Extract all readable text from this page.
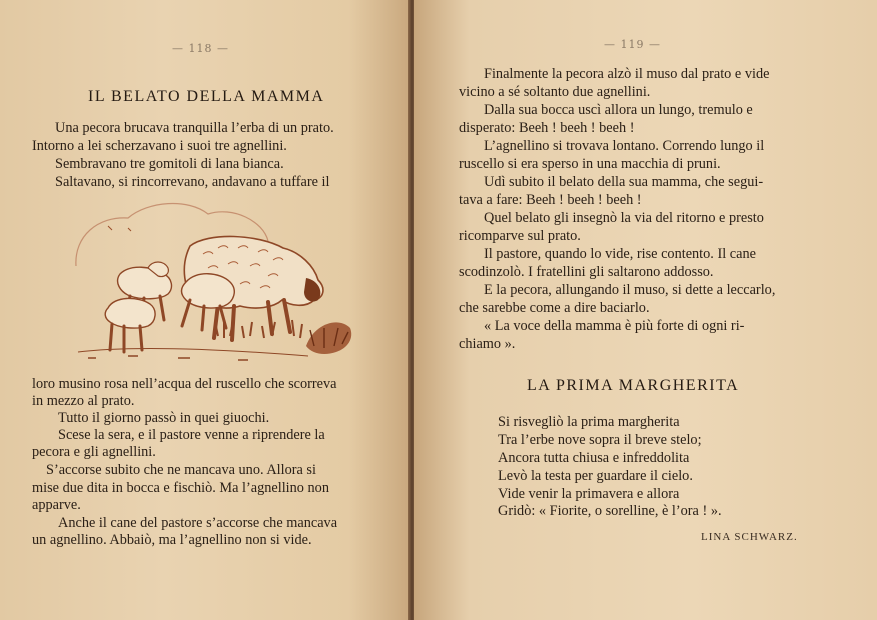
— 118 —
IL BELATO DELLA MAMMA
Una pecora brucava tranquilla l’erba di un prato.
Intorno a lei scherzavano i suoi tre agnellini.
Sembravano tre gomitoli di lana bianca.
Saltavano, si rincorrevano, andavano a tuffare il
loro musino rosa nell’acqua del ruscello che scorreva
in mezzo al prato.
Tutto il giorno passò in quei giuochi.
Scese la sera, e il pastore venne a riprendere la
pecora e gli agnellini.
S’accorse subito che ne mancava uno. Allora si
mise due dita in bocca e fischiò. Ma l’agnellino non
apparve.
Anche il cane del pastore s’accorse che mancava
un agnellino. Abbaiò, ma l’agnellino non si vide.
— 119 —
Finalmente la pecora alzò il muso dal prato e vide
vicino a sé soltanto due agnellini.
Dalla sua bocca uscì allora un lungo, tremulo e
disperato: Beeh ! beeh ! beeh !
L’agnellino si trovava lontano. Correndo lungo il
ruscello si era sperso in una macchia di pruni.
Udì subito il belato della sua mamma, che segui-
tava a fare: Beeh ! beeh ! beeh !
Quel belato gli insegnò la via del ritorno e presto
ricomparve sul prato.
Il pastore, quando lo vide, rise contento. Il cane
scodinzolò. I fratellini gli saltarono addosso.
E la pecora, allungando il muso, si dette a leccarlo,
che sarebbe come a dire baciarlo.
« La voce della mamma è più forte di ogni ri-
chiamo ».
LA PRIMA MARGHERITA
Si risvegliò la prima margherita
Tra l’erbe nove sopra il breve stelo;
Ancora tutta chiusa e infreddolita
Levò la testa per guardare il cielo.
Vide venir la primavera e allora
Gridò: « Fiorite, o sorelline, è l’ora ! ».
LINA SCHWARZ.
